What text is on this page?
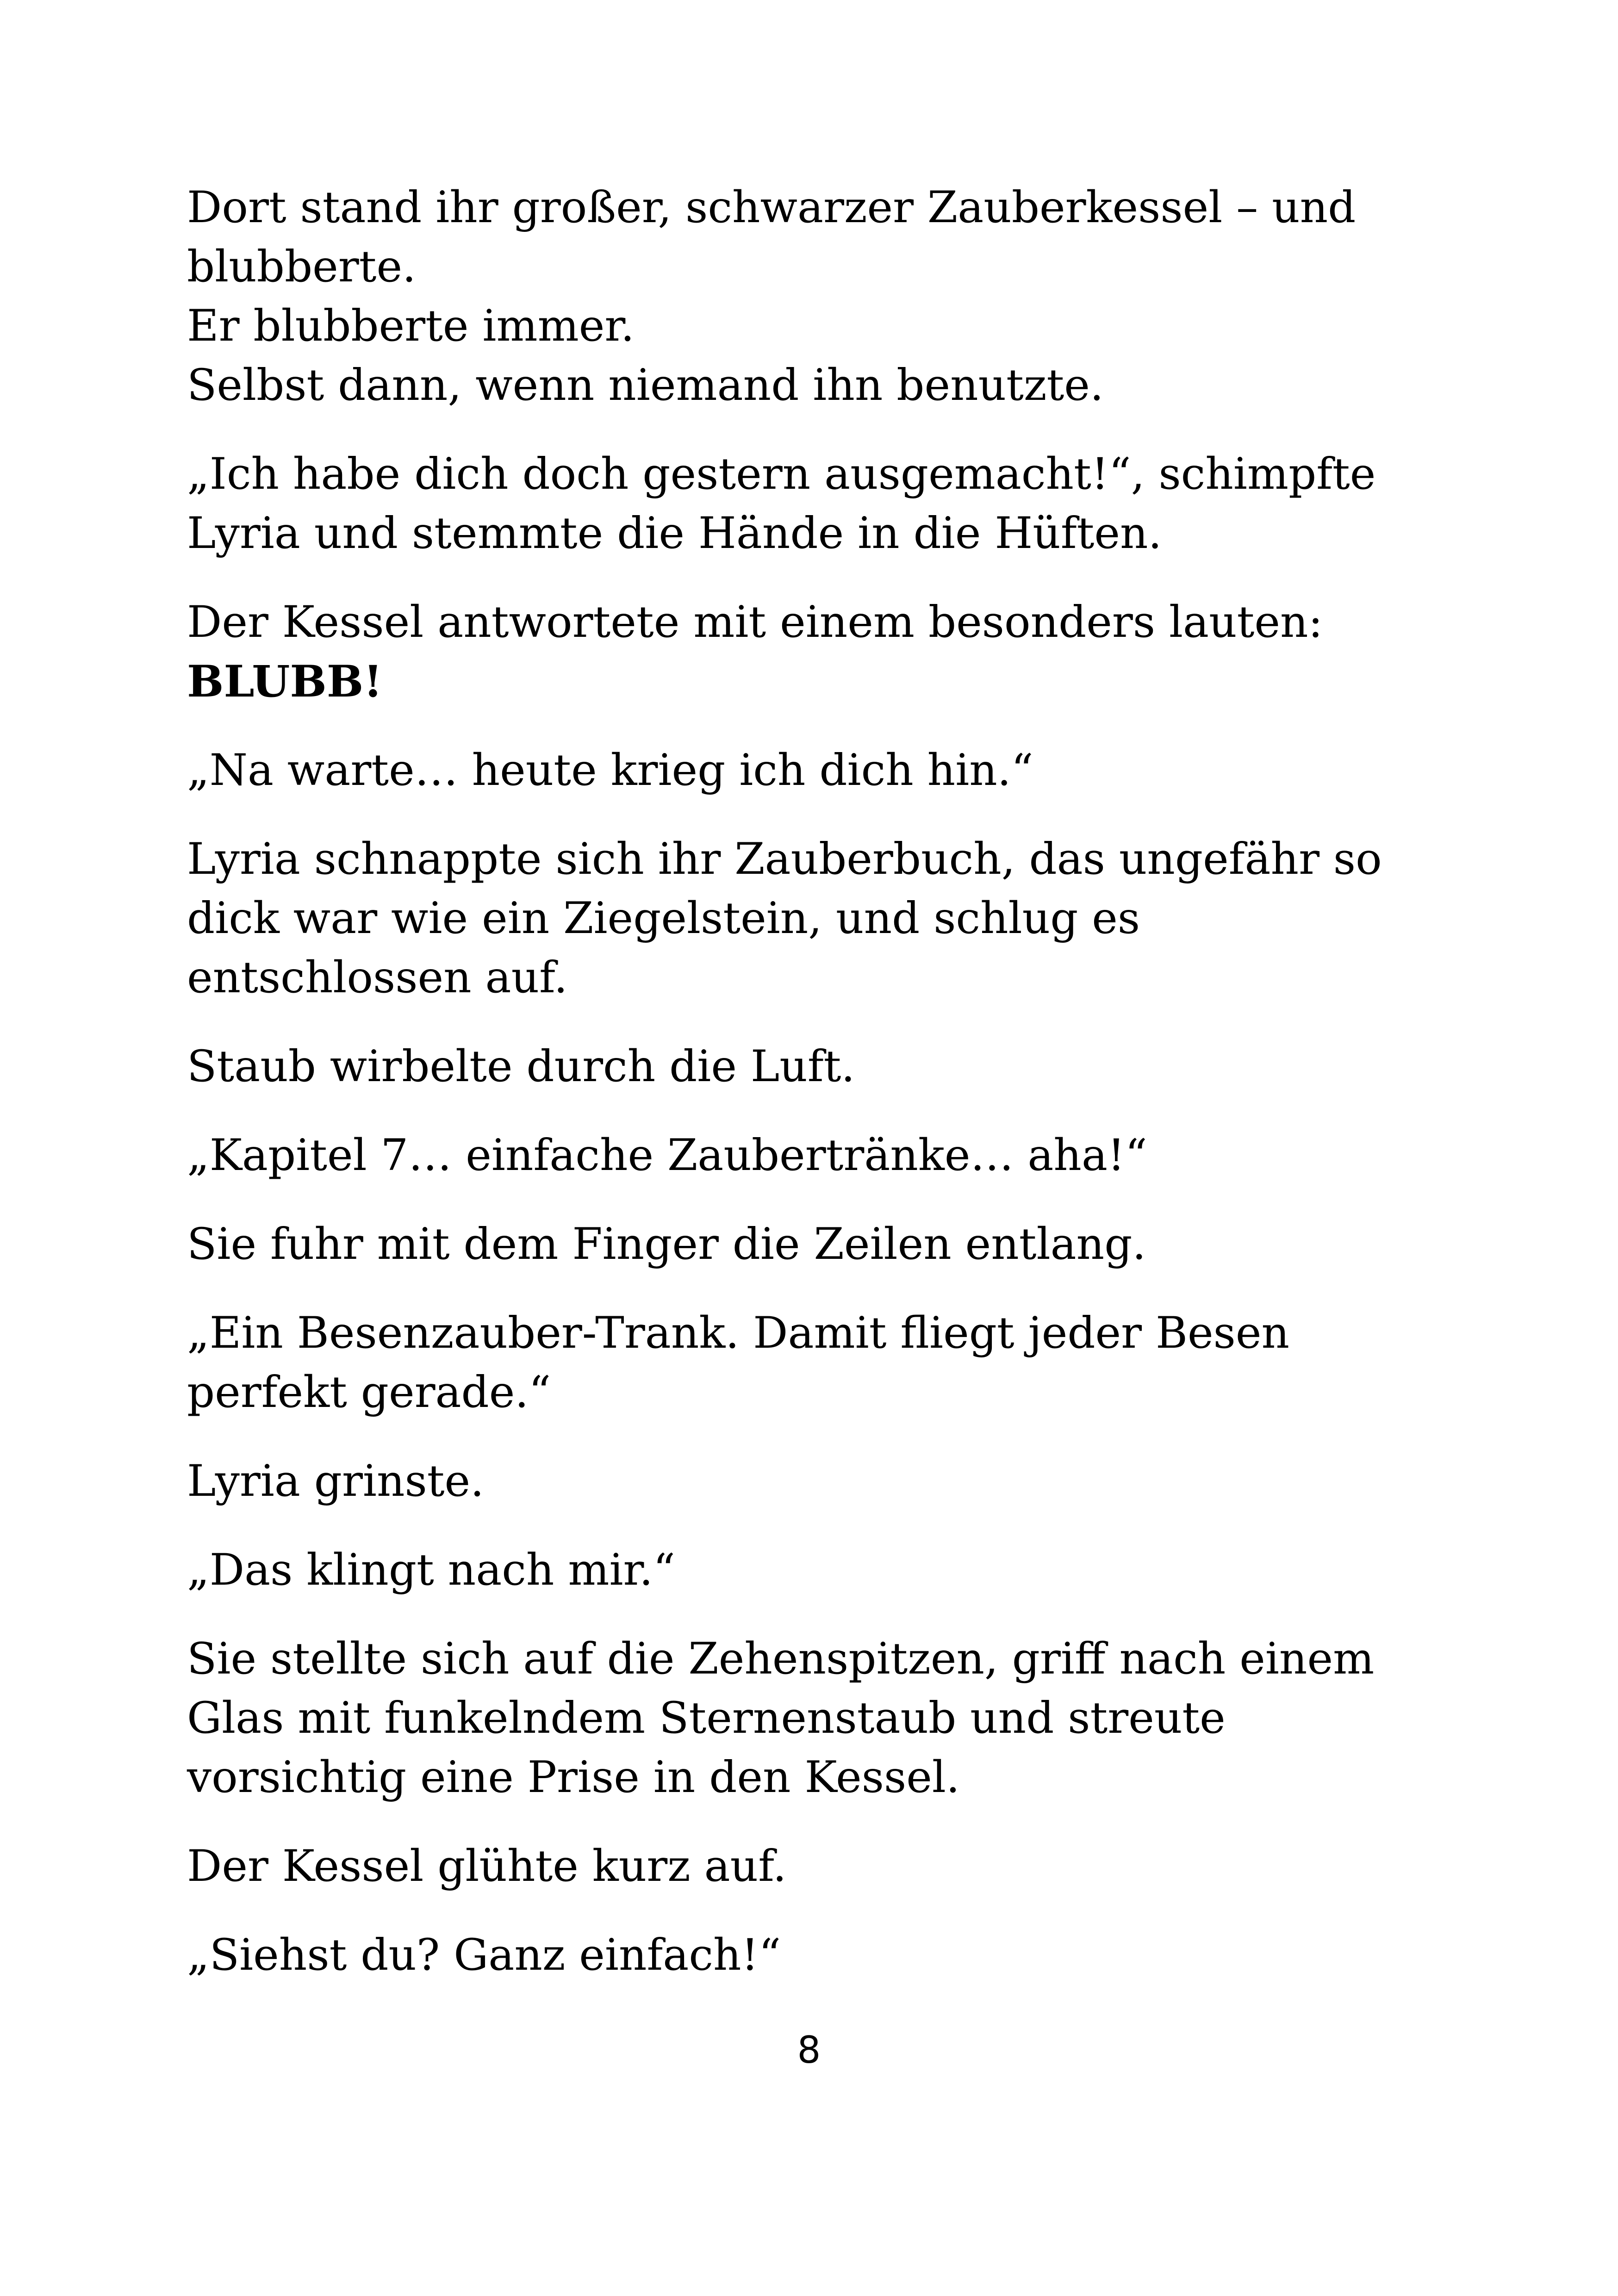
Dort stand ihr großer, schwarzer Zauberkessel – und
blubberte.
Er blubberte immer.
Selbst dann, wenn niemand ihn benutzte.

„Ich habe dich doch gestern ausgemacht!“, schimpfte
Lyria und stemmte die Hände in die Hüften.

Der Kessel antwortete mit einem besonders lauten:
BLUBB!

„Na warte… heute krieg ich dich hin.“

Lyria schnappte sich ihr Zauberbuch, das ungefähr so
dick war wie ein Ziegelstein, und schlug es
entschlossen auf.

Staub wirbelte durch die Luft.

„Kapitel 7… einfache Zaubertränke… aha!“

Sie fuhr mit dem Finger die Zeilen entlang.

„Ein Besenzauber-Trank. Damit fliegt jeder Besen
perfekt gerade.“

Lyria grinste.

„Das klingt nach mir.“

Sie stellte sich auf die Zehenspitzen, griff nach einem
Glas mit funkelndem Sternenstaub und streute
vorsichtig eine Prise in den Kessel.

Der Kessel glühte kurz auf.

„Siehst du? Ganz einfach!“

8
